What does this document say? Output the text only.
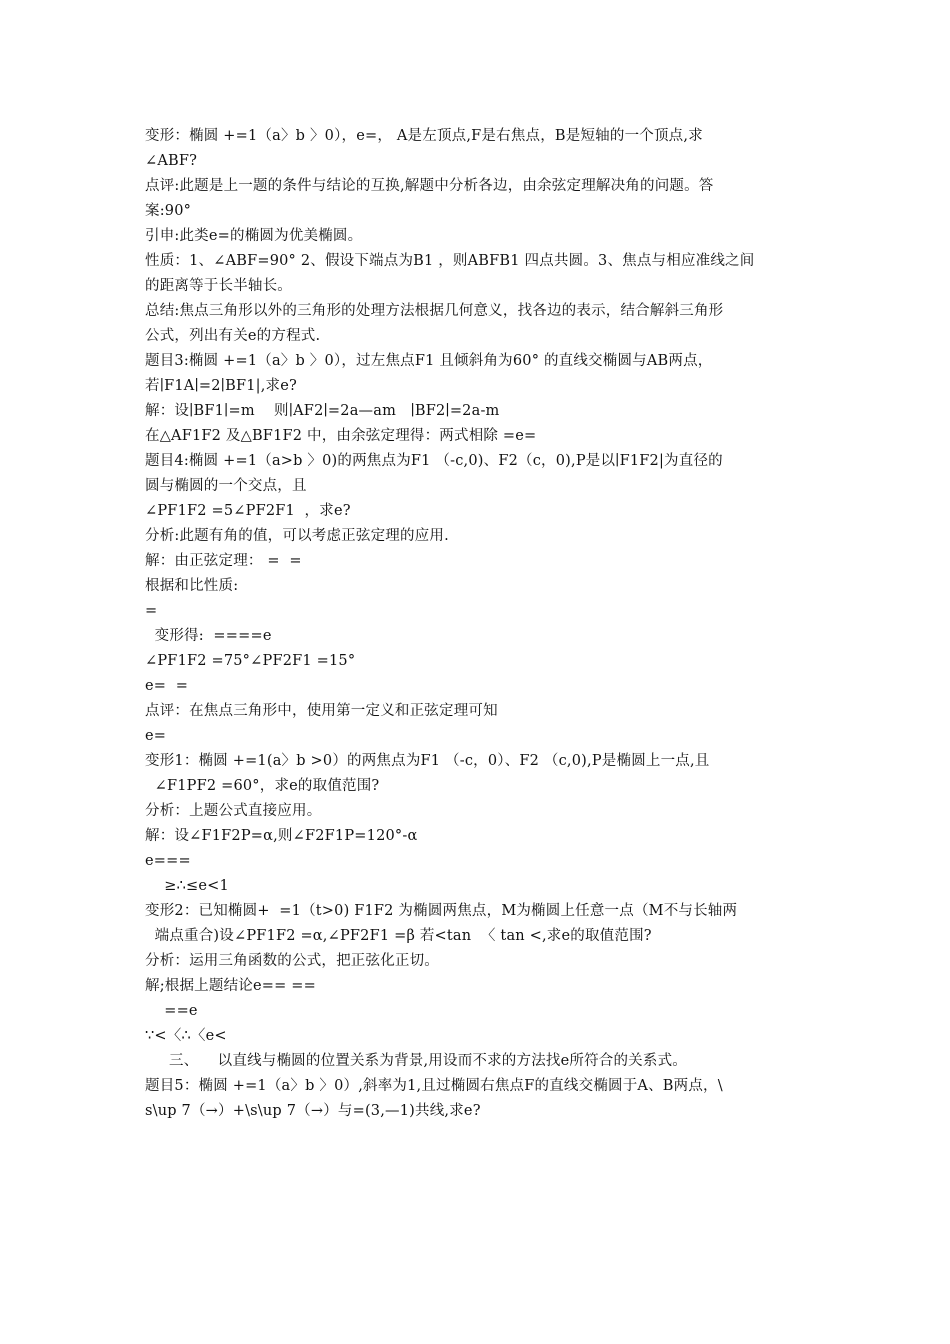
变形：椭圆 +=1（a〉b 〉0），e=， A是左顶点,F是右焦点，B是短轴的一个顶点,求
∠ABF?
点评:此题是上一题的条件与结论的互换,解题中分析各边，由余弦定理解决角的问题。答
案:90°
引申:此类e=的椭圆为优美椭圆。
性质：1、∠ABF=90° 2、假设下端点为B1 ，则ABFB1 四点共圆。3、焦点与相应准线之间
的距离等于长半轴长。
总结:焦点三角形以外的三角形的处理方法根据几何意义，找各边的表示，结合解斜三角形
公式，列出有关e的方程式.
题目3:椭圆 +=1（a〉b 〉0），过左焦点F1 且倾斜角为60° 的直线交椭圆与AB两点，
若∣F1A∣=2∣BF1|,求e?
解：设∣BF1∣=m    则∣AF2∣=2a—am   ∣BF2∣=2a-m
在△AF1F2 及△BF1F2 中，由余弦定理得：两式相除 =e=
题目4:椭圆 +=1（a>b 〉0)的两焦点为F1 （-c,0)、F2（c，0),P是以∣F1F2|为直径的
圆与椭圆的一个交点，且
∠PF1F2 =5∠PF2F1  ，求e?
分析:此题有角的值，可以考虑正弦定理的应用.
解：由正弦定理： =  =
根据和比性质:
=
变形得:  ====e
∠PF1F2 =75°∠PF2F1 =15°
e=  =
点评：在焦点三角形中，使用第一定义和正弦定理可知
e=
变形1：椭圆 +=1(a〉b >0）的两焦点为F1 （-c，0）、F2 （c,0),P是椭圆上一点,且
∠F1PF2 =60°，求e的取值范围?
分析：上题公式直接应用。
解：设∠F1F2P=α,则∠F2F1P=120°-α
e===
≥∴≤e<1
变形2：已知椭圆+  =1（t>0) F1F2 为椭圆两焦点，M为椭圆上任意一点（M不与长轴两
端点重合)设∠PF1F2 =α,∠PF2F1 =β 若<tan  〈 tan <,求e的取值范围?
分析：运用三角函数的公式，把正弦化正切。
解;根据上题结论e== ==
==e
∵<〈∴〈e<
三、    以直线与椭圆的位置关系为背景,用设而不求的方法找e所符合的关系式。
题目5：椭圆 +=1（a〉b 〉0）,斜率为1,且过椭圆右焦点F的直线交椭圆于A、B两点，\
s\up 7（→）+\s\up 7（→）与=(3,—1)共线,求e?
